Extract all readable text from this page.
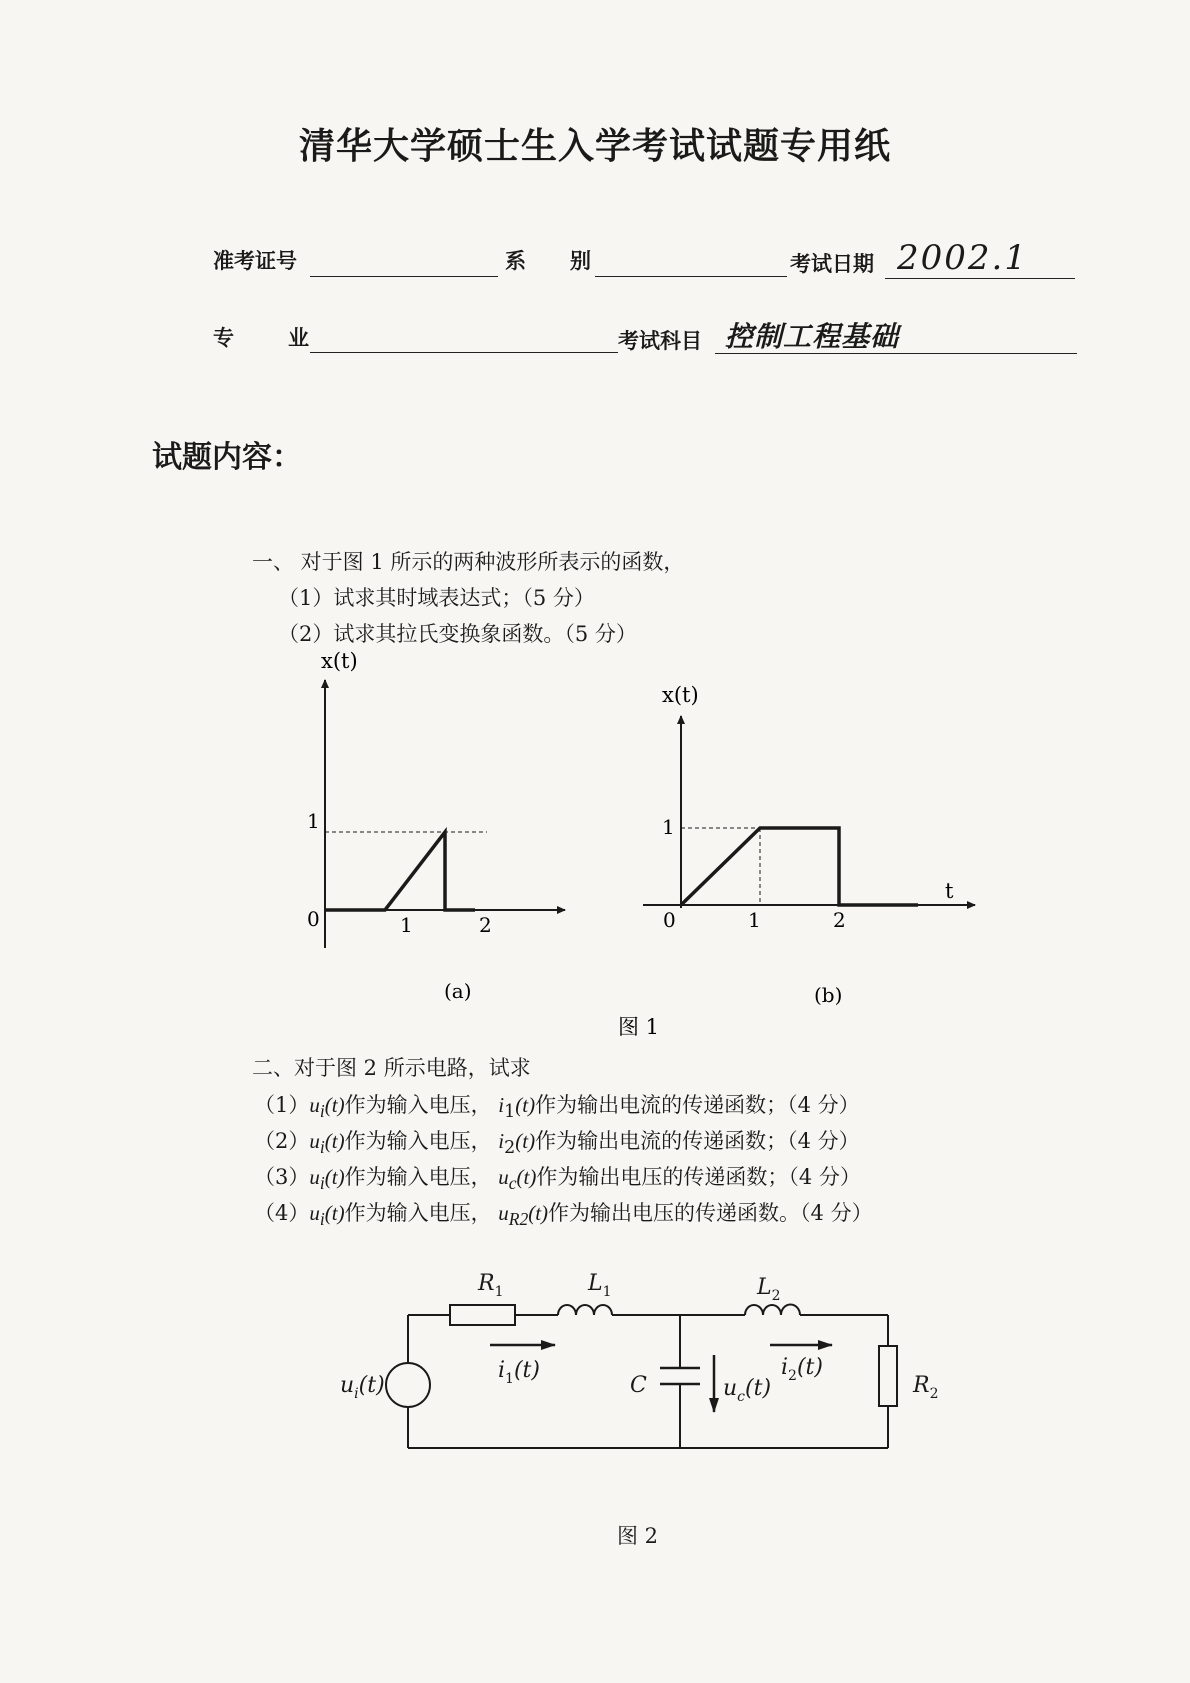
清华大学硕士生入学考试试题专用纸
准考证号	系 别	考试日期 2002.1
专	业	考试科目 控制工程基础
试题内容：
一、 对于图 1 所示的两种波形所表示的函数，
（1）试求其时域表达式；（5 分）
（2）试求其拉氏变换象函数。（5 分）
x(t)
1
0	1	2
(a)
x(t)
t
1
0	1	2
(b)
图 1
二、对于图 2 所示电路，试求
$(1)u_i(t)$作为输入电压， $i_1(t)$作为输出电流的传递函数；（4 分）
$(2)u_i(t)$作为输入电压， $i_2(t)$作为输出电流的传递函数；（4 分）
$(3)u_i(t)$作为输入电压， $u_c(t)$作为输出电压的传递函数；（4 分）
$(4)u_i(t)$作为输入电压， $u_{R2}(t)$作为输出电压的传递函数。（4 分）
$R_1$	$L_1$	$L_2$
C	$R_2$
$u_i(t)$
$i_1(t)$	$i_2(t)$
$u_c(t)$
图 2
